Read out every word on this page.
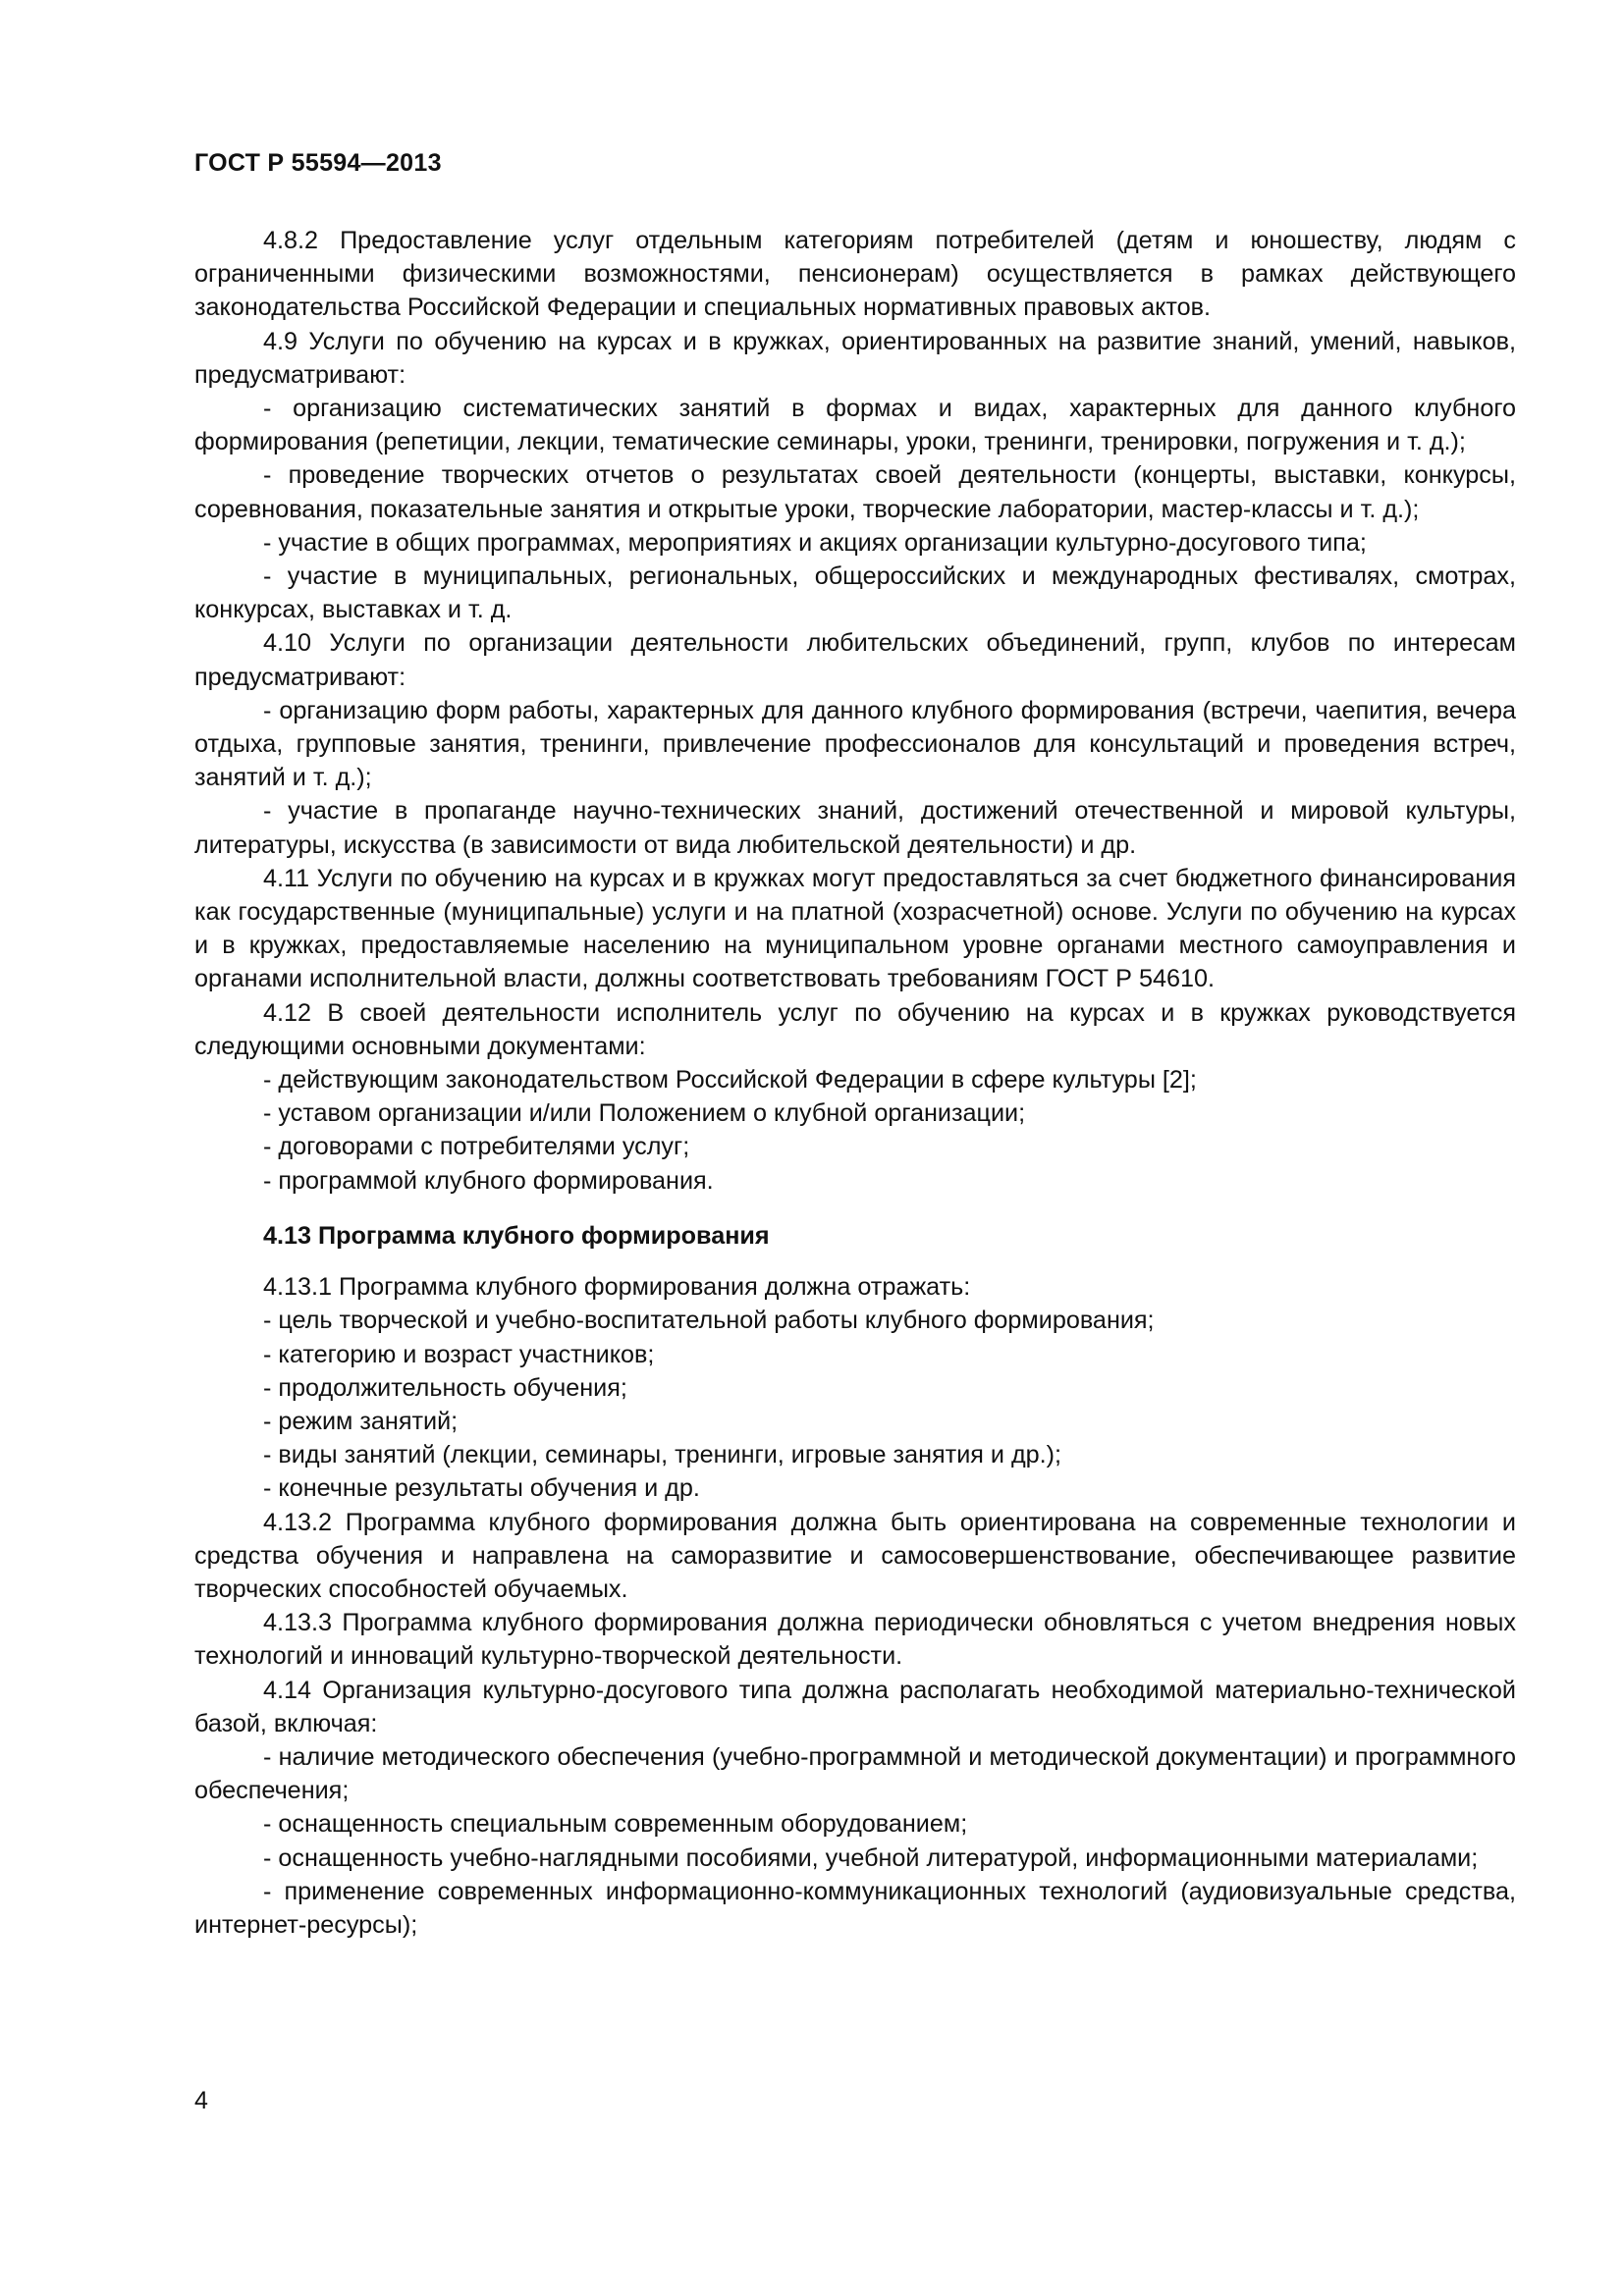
ГОСТ Р 55594—2013

4.8.2 Предоставление услуг отдельным категориям потребителей (детям и юношеству, людям с ограниченными физическими возможностями, пенсионерам) осуществляется в рамках действующего законодательства Российской Федерации и специальных нормативных правовых актов.

4.9 Услуги по обучению на курсах и в кружках, ориентированных на развитие знаний, умений, навыков, предусматривают:

- организацию систематических занятий в формах и видах, характерных для данного клубного формирования (репетиции, лекции, тематические семинары, уроки, тренинги, тренировки, погружения и т. д.);

- проведение творческих отчетов о результатах своей деятельности (концерты, выставки, конкурсы, соревнования, показательные занятия и открытые уроки, творческие лаборатории, мастер-классы и т. д.);

- участие в общих программах, мероприятиях и акциях организации культурно-досугового типа;

- участие в муниципальных, региональных, общероссийских и международных фестивалях, смотрах, конкурсах, выставках и т. д.

4.10 Услуги по организации деятельности любительских объединений, групп, клубов по интересам предусматривают:

- организацию форм работы, характерных для данного клубного формирования (встречи, чаепития, вечера отдыха, групповые занятия, тренинги, привлечение профессионалов для консультаций и проведения встреч, занятий и т. д.);

- участие в пропаганде научно-технических знаний, достижений отечественной и мировой культуры, литературы, искусства (в зависимости от вида любительской деятельности) и др.

4.11 Услуги по обучению на курсах и в кружках могут предоставляться за счет бюджетного финансирования как государственные (муниципальные) услуги и на платной (хозрасчетной) основе. Услуги по обучению на курсах и в кружках, предоставляемые населению на муниципальном уровне органами местного самоуправления и органами исполнительной власти, должны соответствовать требованиям ГОСТ Р 54610.

4.12 В своей деятельности исполнитель услуг по обучению на курсах и в кружках руководствуется следующими основными документами:

- действующим законодательством Российской Федерации в сфере культуры [2];

- уставом организации и/или Положением о клубной организации;

- договорами с потребителями услуг;

- программой клубного формирования.

4.13 Программа клубного формирования

4.13.1 Программа клубного формирования должна отражать:

- цель творческой и учебно-воспитательной работы клубного формирования;

- категорию и возраст участников;

- продолжительность обучения;

- режим занятий;

- виды занятий (лекции, семинары, тренинги, игровые занятия и др.);

- конечные результаты обучения и др.

4.13.2 Программа клубного формирования должна быть ориентирована на современные технологии и средства обучения и направлена на саморазвитие и самосовершенствование, обеспечивающее развитие творческих способностей обучаемых.

4.13.3 Программа клубного формирования должна периодически обновляться с учетом внедрения новых технологий и инноваций культурно-творческой деятельности.

4.14 Организация культурно-досугового типа должна располагать необходимой материально-технической базой, включая:

- наличие методического обеспечения (учебно-программной и методической документации) и программного обеспечения;

- оснащенность специальным современным оборудованием;

- оснащенность учебно-наглядными пособиями, учебной литературой, информационными материалами;

- применение современных информационно-коммуникационных технологий (аудиовизуальные средства, интернет-ресурсы);

4
